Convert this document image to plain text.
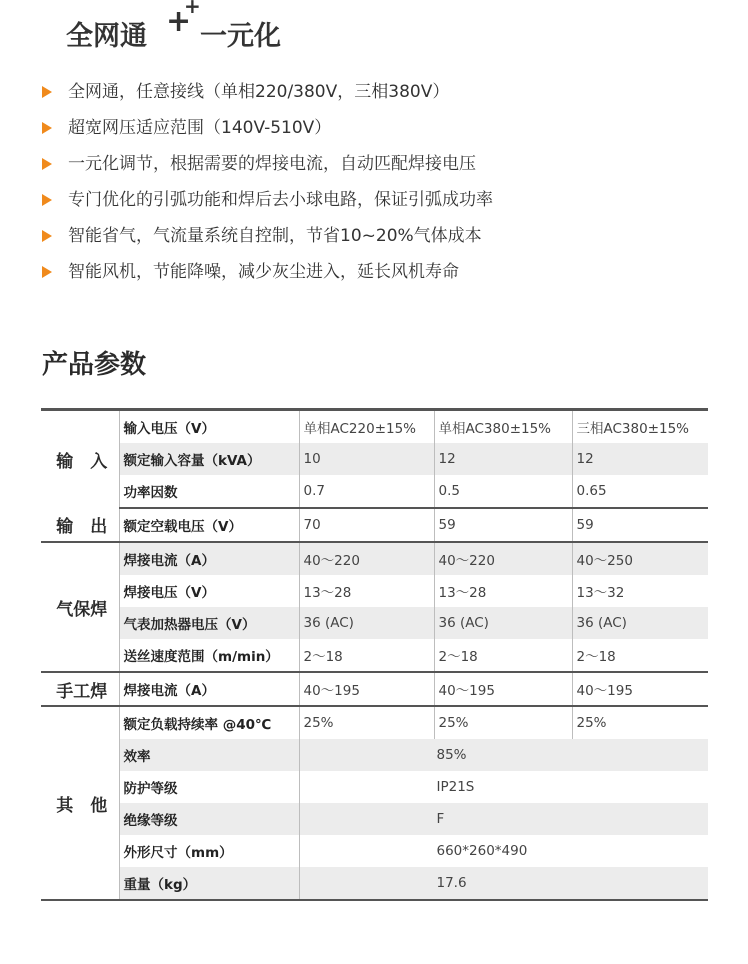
全网通 +
+
一元化
全网通，任意接线（单相220/380V，三相380V）
超宽网压适应范围（140V-510V）
一元化调节，根据需要的焊接电流，自动匹配焊接电压
专门优化的引弧功能和焊后去小球电路，保证引弧成功率
智能省气，气流量系统自控制，节省10~20%气体成本
智能风机，节能降噪，减少灰尘进入，延长风机寿命
产品参数
输　入	输入电压（V）	单相AC220±15%	单相AC380±15%	三相AC380±15%
	额定输入容量（kVA）	10	12	12
	功率因数	0.7	0.5	0.65
输　出	额定空载电压（V）	70	59	59
气保焊	焊接电流（A）	40～220	40～220	40～250
	焊接电压（V）	13～28	13～28	13～32
	气表加热器电压（V）	36 (AC)	36 (AC)	36 (AC)
	送丝速度范围（m/min）	2～18	2～18	2～18
手工焊	焊接电流（A）	40～195	40～195	40～195
其　他	额定负载持续率 @40℃	25%	25%	25%
	效率	85%		
	防护等级	IP21S		
	绝缘等级	F		
	外形尺寸（mm）	660*260*490		
	重量（kg）	17.6		
